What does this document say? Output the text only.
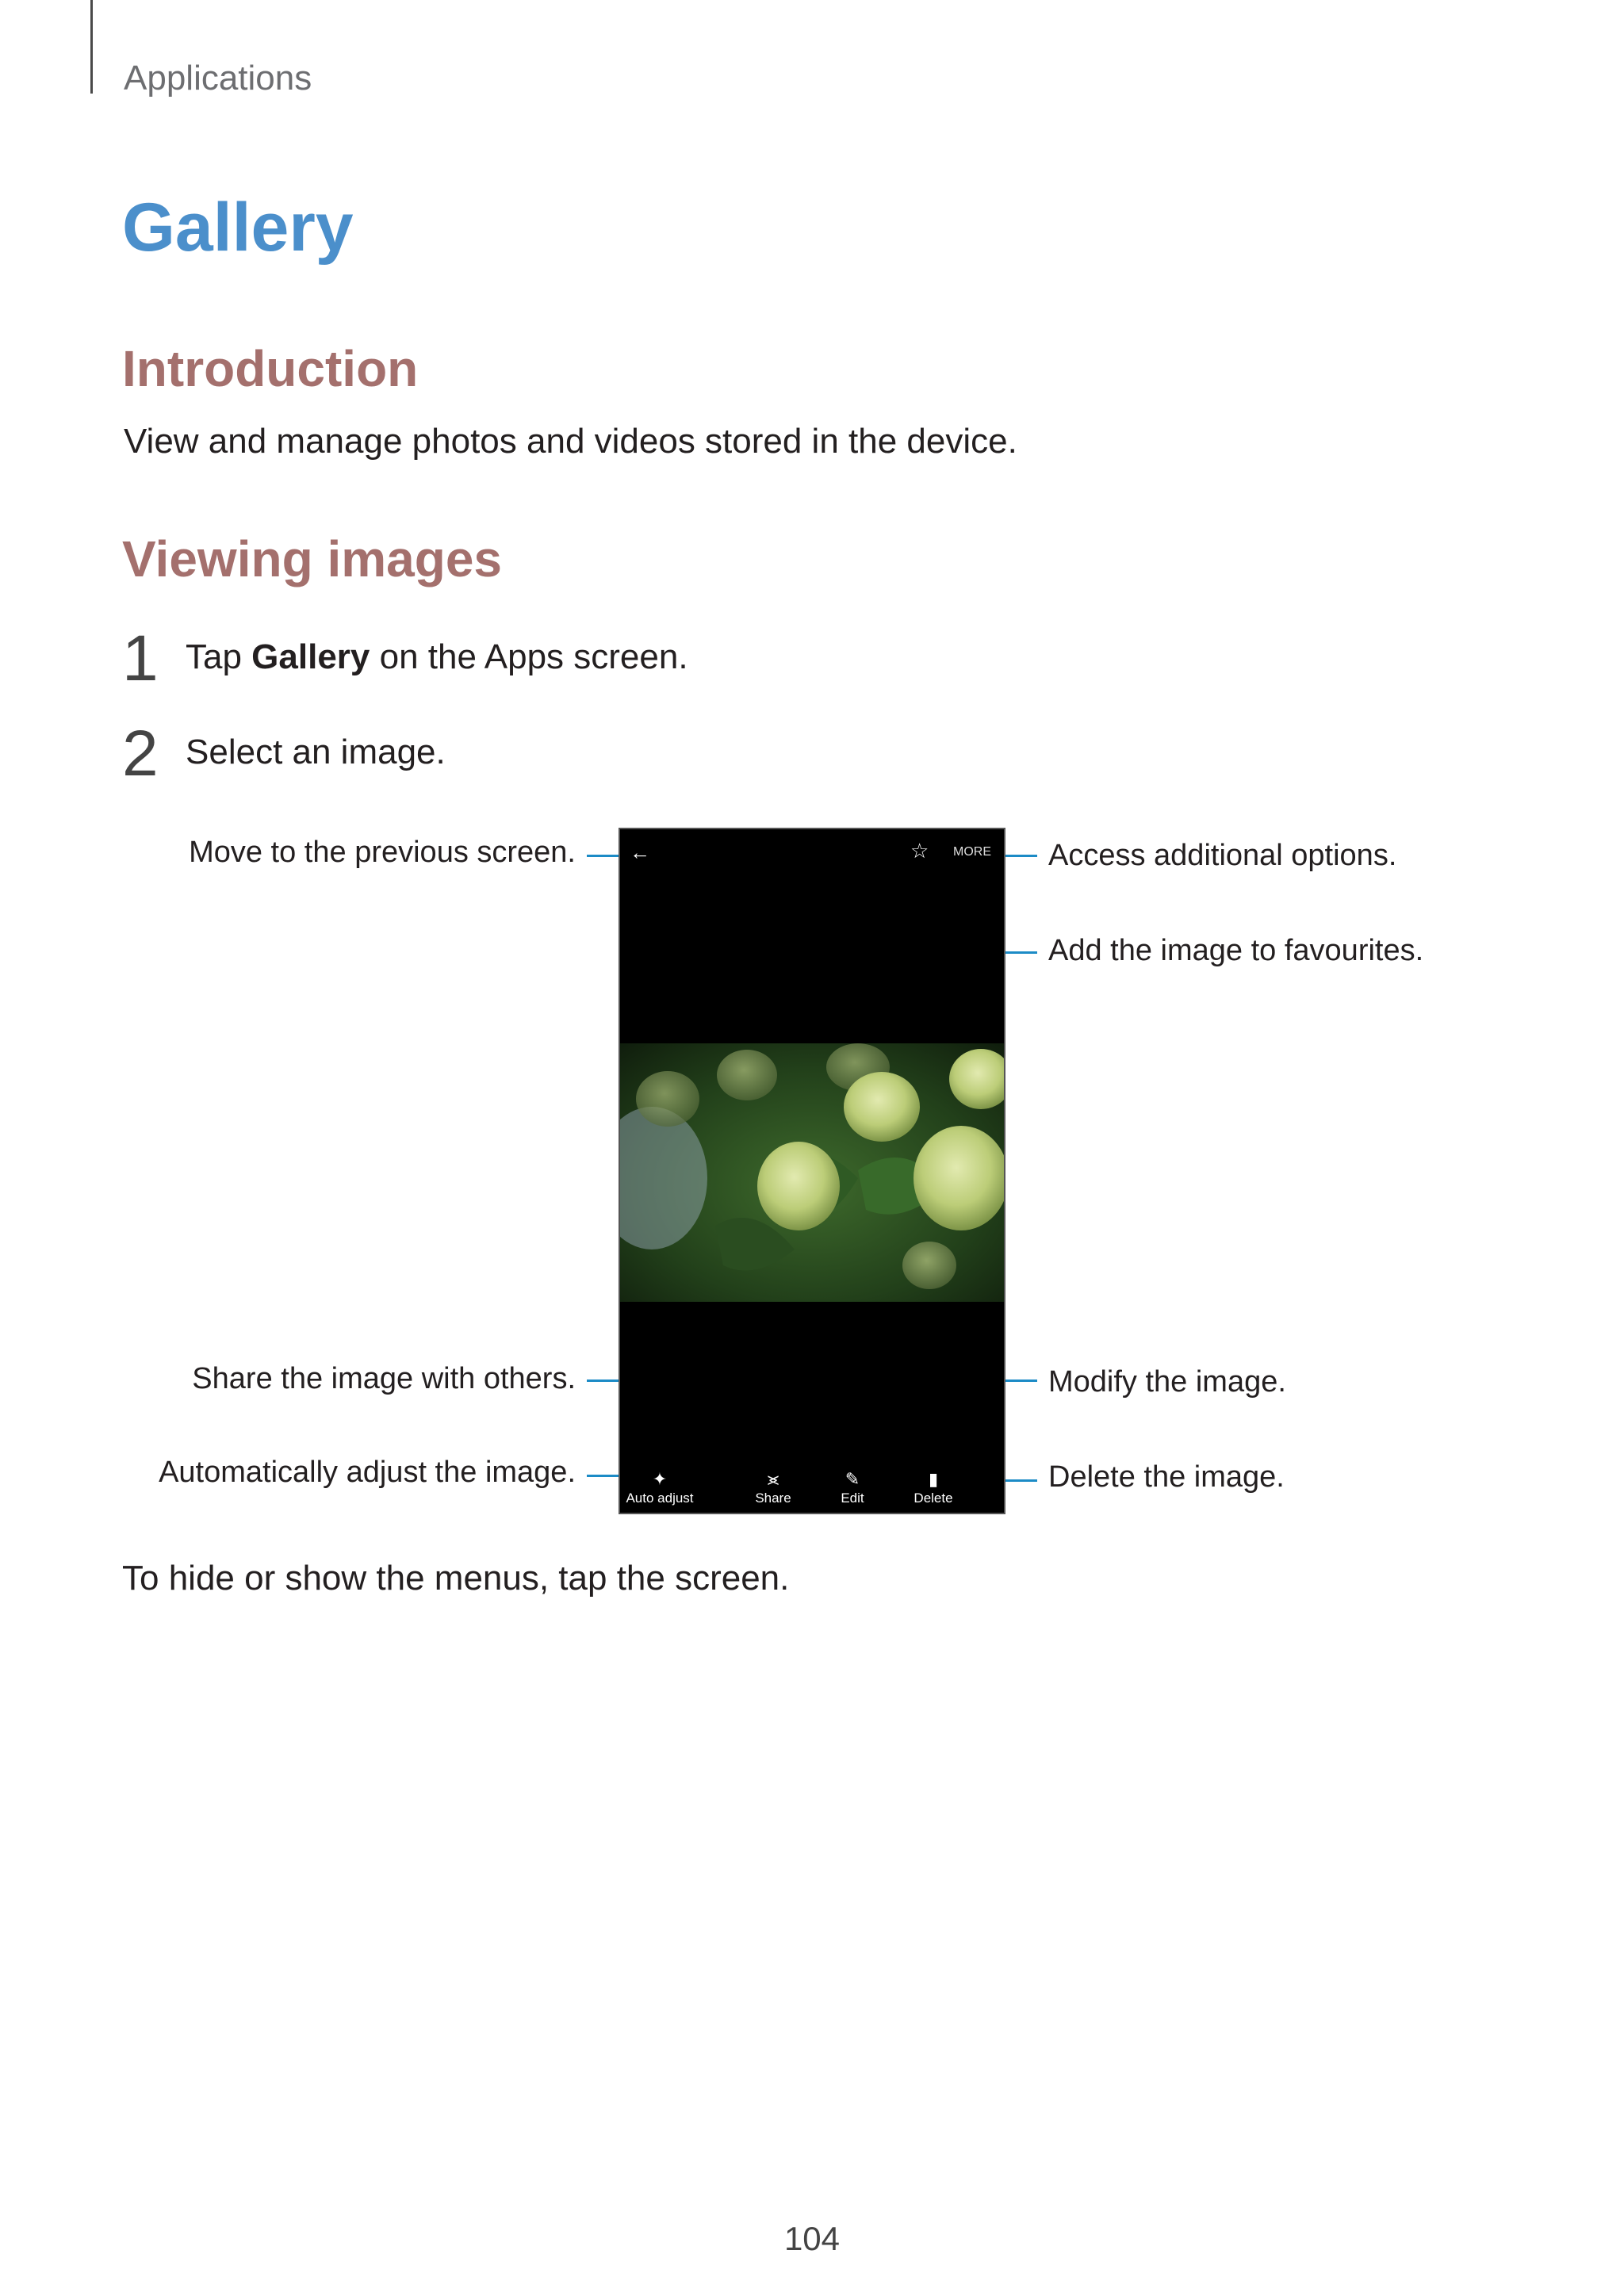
Applications
Gallery
Introduction
View and manage photos and videos stored in the device.
Viewing images
1 Tap Gallery on the Apps screen.
2 Select an image.
Move to the previous screen.
Share the image with others.
Automatically adjust the image.
Access additional options.
Add the image to favourites.
Modify the image.
Delete the image.
←	☆ MORE
✦
Auto adjust
⪤
Share
✎
Edit
▮
Delete
To hide or show the menus, tap the screen.
104
